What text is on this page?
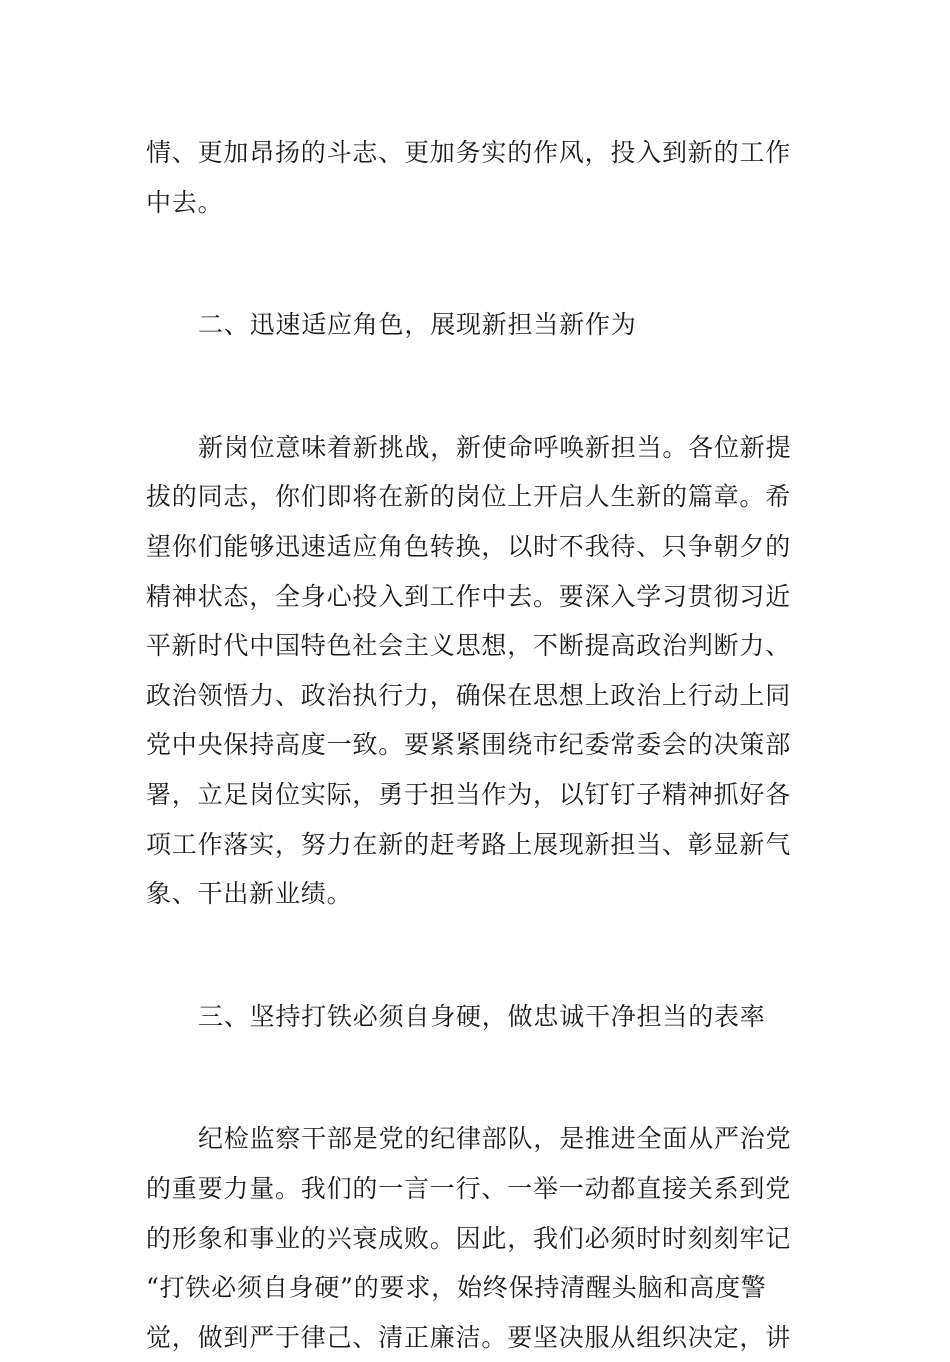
情、更加昂扬的斗志、更加务实的作风，投入到新的工作
中去。
二、迅速适应角色，展现新担当新作为
新岗位意味着新挑战，新使命呼唤新担当。各位新提
拔的同志，你们即将在新的岗位上开启人生新的篇章。希
望你们能够迅速适应角色转换，以时不我待、只争朝夕的
精神状态，全身心投入到工作中去。要深入学习贯彻习近
平新时代中国特色社会主义思想，不断提高政治判断力、
政治领悟力、政治执行力，确保在思想上政治上行动上同
党中央保持高度一致。要紧紧围绕市纪委常委会的决策部
署，立足岗位实际，勇于担当作为，以钉钉子精神抓好各
项工作落实，努力在新的赶考路上展现新担当、彰显新气
象、干出新业绩。
三、坚持打铁必须自身硬，做忠诚干净担当的表率
纪检监察干部是党的纪律部队，是推进全面从严治党
的重要力量。我们的一言一行、一举一动都直接关系到党
的形象和事业的兴衰成败。因此，我们必须时时刻刻牢记
“打铁必须自身硬”的要求，始终保持清醒头脑和高度警
觉，做到严于律己、清正廉洁。要坚决服从组织决定，讲
